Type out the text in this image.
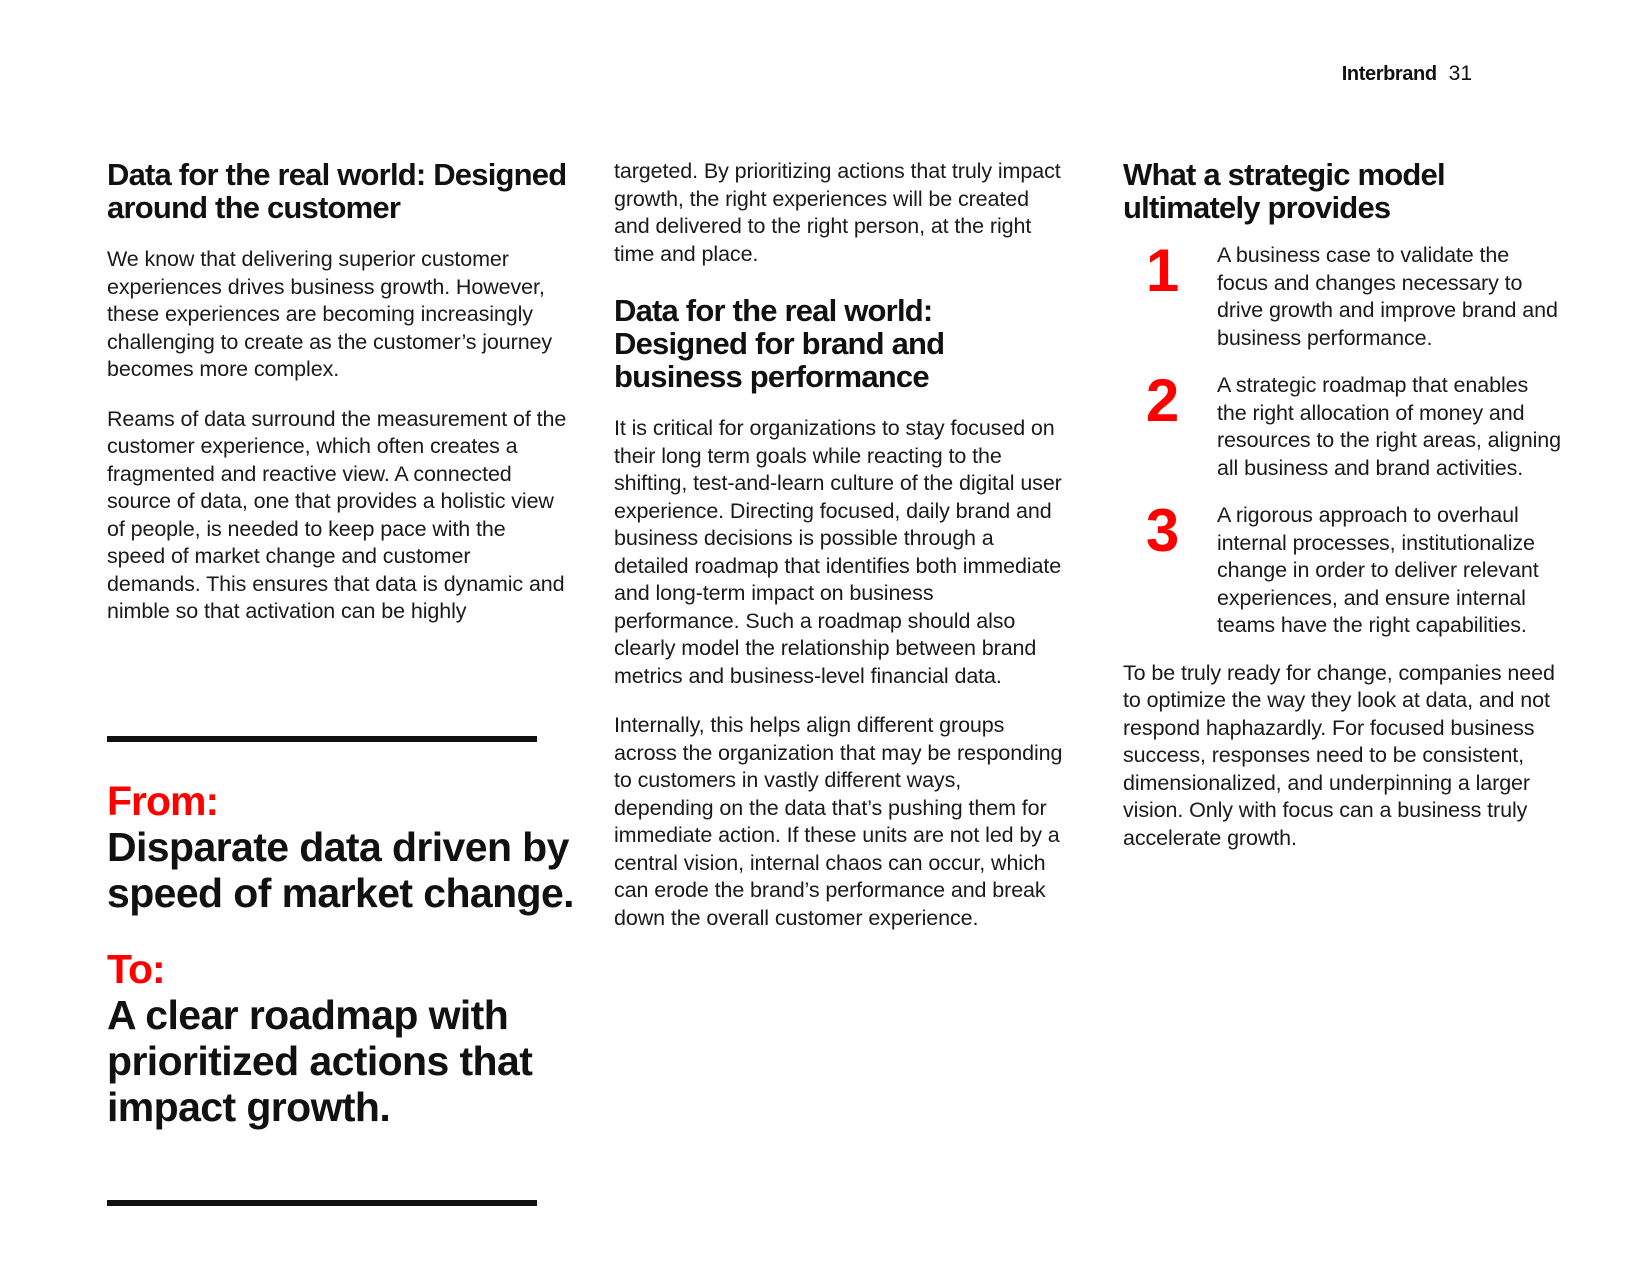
Interbrand 31
Data for the real world: Designed around the customer

We know that delivering superior customer experiences drives business growth. However, these experiences are becoming increasingly challenging to create as the customer’s journey becomes more complex.

Reams of data surround the measurement of the customer experience, which often creates a fragmented and reactive view. A connected source of data, one that provides a holistic view of people, is needed to keep pace with the speed of market change and customer demands. This ensures that data is dynamic and nimble so that activation can be highly

From:
Disparate data driven by speed of market change.
To:
A clear roadmap with prioritized actions that impact growth.

targeted. By prioritizing actions that truly impact growth, the right experiences will be created and delivered to the right person, at the right time and place.

Data for the real world: Designed for brand and business performance

It is critical for organizations to stay focused on their long term goals while reacting to the shifting, test-and-learn culture of the digital user experience. Directing focused, daily brand and business decisions is possible through a detailed roadmap that identifies both immediate and long-term impact on business performance. Such a roadmap should also clearly model the relationship between brand metrics and business-level financial data.

Internally, this helps align different groups across the organization that may be responding to customers in vastly different ways, depending on the data that’s pushing them for immediate action. If these units are not led by a central vision, internal chaos can occur, which can erode the brand’s performance and break down the overall customer experience.

What a strategic model ultimately provides
1	A business case to validate the focus and changes necessary to drive growth and improve brand and business performance.

2	A strategic roadmap that enables the right allocation of money and resources to the right areas, aligning all business and brand activities.

3	A rigorous approach to overhaul internal processes, institutionalize change in order to deliver relevant experiences, and ensure internal teams have the right capabilities.

To be truly ready for change, companies need to optimize the way they look at data, and not respond haphazardly. For focused business success, responses need to be consistent, dimensionalized, and underpinning a larger vision. Only with focus can a business truly accelerate growth.
